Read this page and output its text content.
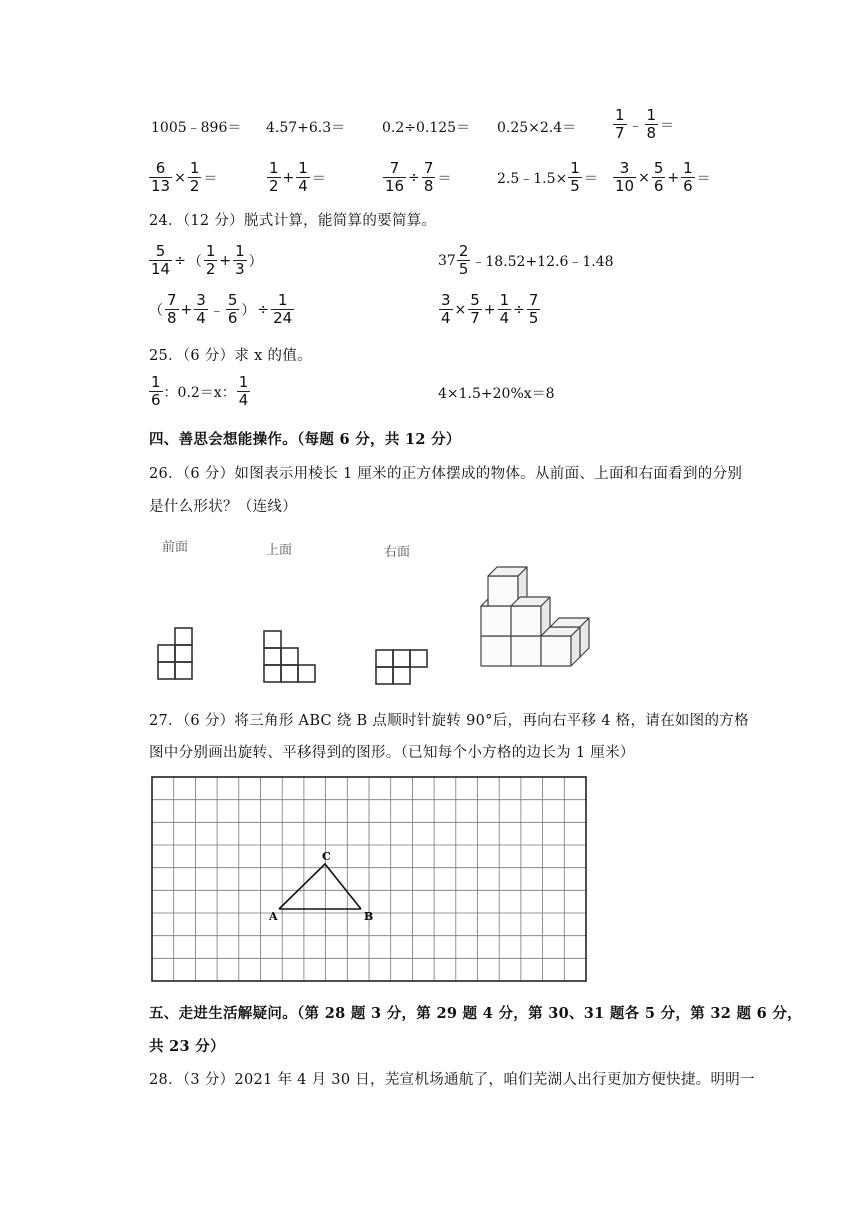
1005﹣896＝ 4.57+6.3＝	$0.2\div 0.125= 0.25\times 2.4= \frac{1}{7}$ ﹣ $\frac{1}{8}$ ＝
$\frac{6}{13} \times \frac{1}{2}$ ＝	$\frac{1}{2} + \frac{1}{4}$ ＝	$\frac{7}{16} \div \frac{7}{8}$ ＝	2.5﹣1.5× $\frac{1}{5} = \frac{3}{10} \times \frac{5}{6} + \frac{1}{6}$ ＝
24．（12 分）脱式计算，能简算的要简算。
$\frac{5}{14}$ ÷ （ $\frac{1}{2} + \frac{1}{3}$ ）	$37 \frac{2}{5}$ ﹣18.52+12.6﹣1.48
（ $\frac{7}{8} + \frac{3}{4}$ ﹣ $\frac{5}{6}$ ） ÷ $\frac{1}{24}$	$\frac{3}{4} \times \frac{5}{7} + \frac{1}{4} \div \frac{7}{5}$
25．（6 分）求 x 的值。
$\frac{1}{6}$ ：0.2＝x： $\frac{1}{4}$	4×1.5+20%x＝8
四、善思会想能操作。（每题 6 分，共 12 分）
26．（6 分）如图表示用棱长 1 厘米的正方体摆成的物体。从前面、上面和右面看到的分别
是什么形状？（连线）
前面	上面	右面
27．（6 分）将三角形 ABC 绕 B 点顺时针旋转 90°后，再向右平移 4 格，请在如图的方格
图中分别画出旋转、平移得到的图形。（已知每个小方格的边长为 1 厘米）
A	B
C
五、走进生活解疑问。（第 28 题 3 分，第 29 题 4 分，第 30、31 题各 5 分，第 32 题 6 分，
共 23 分）
28．（3 分）2021 年 4 月 30 日，芜宣机场通航了，咱们芜湖人出行更加方便快捷。明明一
